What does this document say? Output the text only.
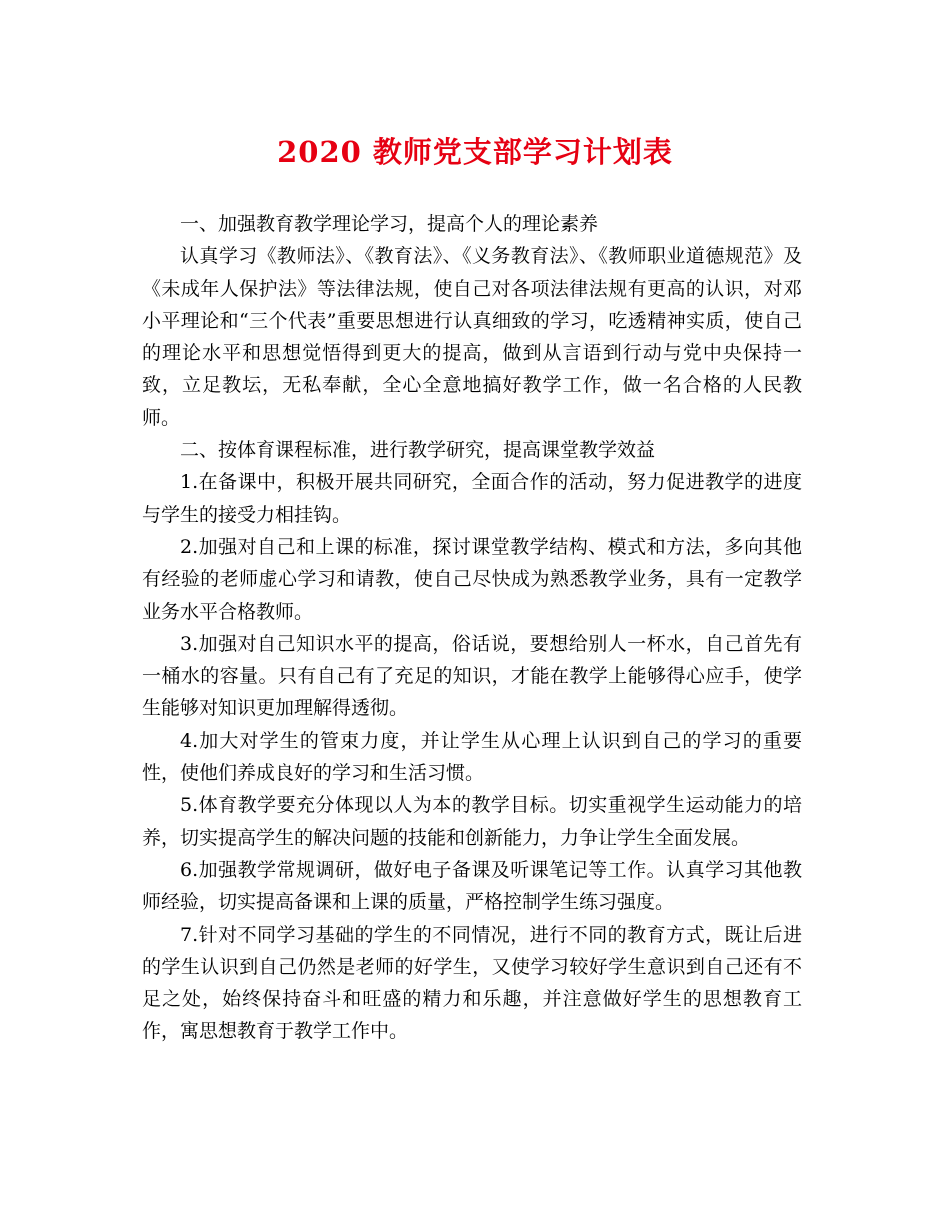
2020 教师党支部学习计划表

一、加强教育教学理论学习，提高个人的理论素养

认真学习《教师法》、《教育法》、《义务教育法》、《教师职业道德规范》及《未成年人保护法》等法律法规，使自己对各项法律法规有更高的认识，对邓小平理论和“三个代表”重要思想进行认真细致的学习，吃透精神实质，使自己的理论水平和思想觉悟得到更大的提高，做到从言语到行动与党中央保持一致，立足教坛，无私奉献，全心全意地搞好教学工作，做一名合格的人民教师。

二、按体育课程标准，进行教学研究，提高课堂教学效益

1.在备课中，积极开展共同研究，全面合作的活动，努力促进教学的进度与学生的接受力相挂钩。

2.加强对自己和上课的标准，探讨课堂教学结构、模式和方法，多向其他有经验的老师虚心学习和请教，使自己尽快成为熟悉教学业务，具有一定教学业务水平合格教师。

3.加强对自己知识水平的提高，俗话说，要想给别人一杯水，自己首先有一桶水的容量。只有自己有了充足的知识，才能在教学上能够得心应手，使学生能够对知识更加理解得透彻。

4.加大对学生的管束力度，并让学生从心理上认识到自己的学习的重要性，使他们养成良好的学习和生活习惯。

5.体育教学要充分体现以人为本的教学目标。切实重视学生运动能力的培养，切实提高学生的解决问题的技能和创新能力，力争让学生全面发展。

6.加强教学常规调研，做好电子备课及听课笔记等工作。认真学习其他教师经验，切实提高备课和上课的质量，严格控制学生练习强度。

7.针对不同学习基础的学生的不同情况，进行不同的教育方式，既让后进的学生认识到自己仍然是老师的好学生，又使学习较好学生意识到自己还有不足之处，始终保持奋斗和旺盛的精力和乐趣，并注意做好学生的思想教育工作，寓思想教育于教学工作中。
